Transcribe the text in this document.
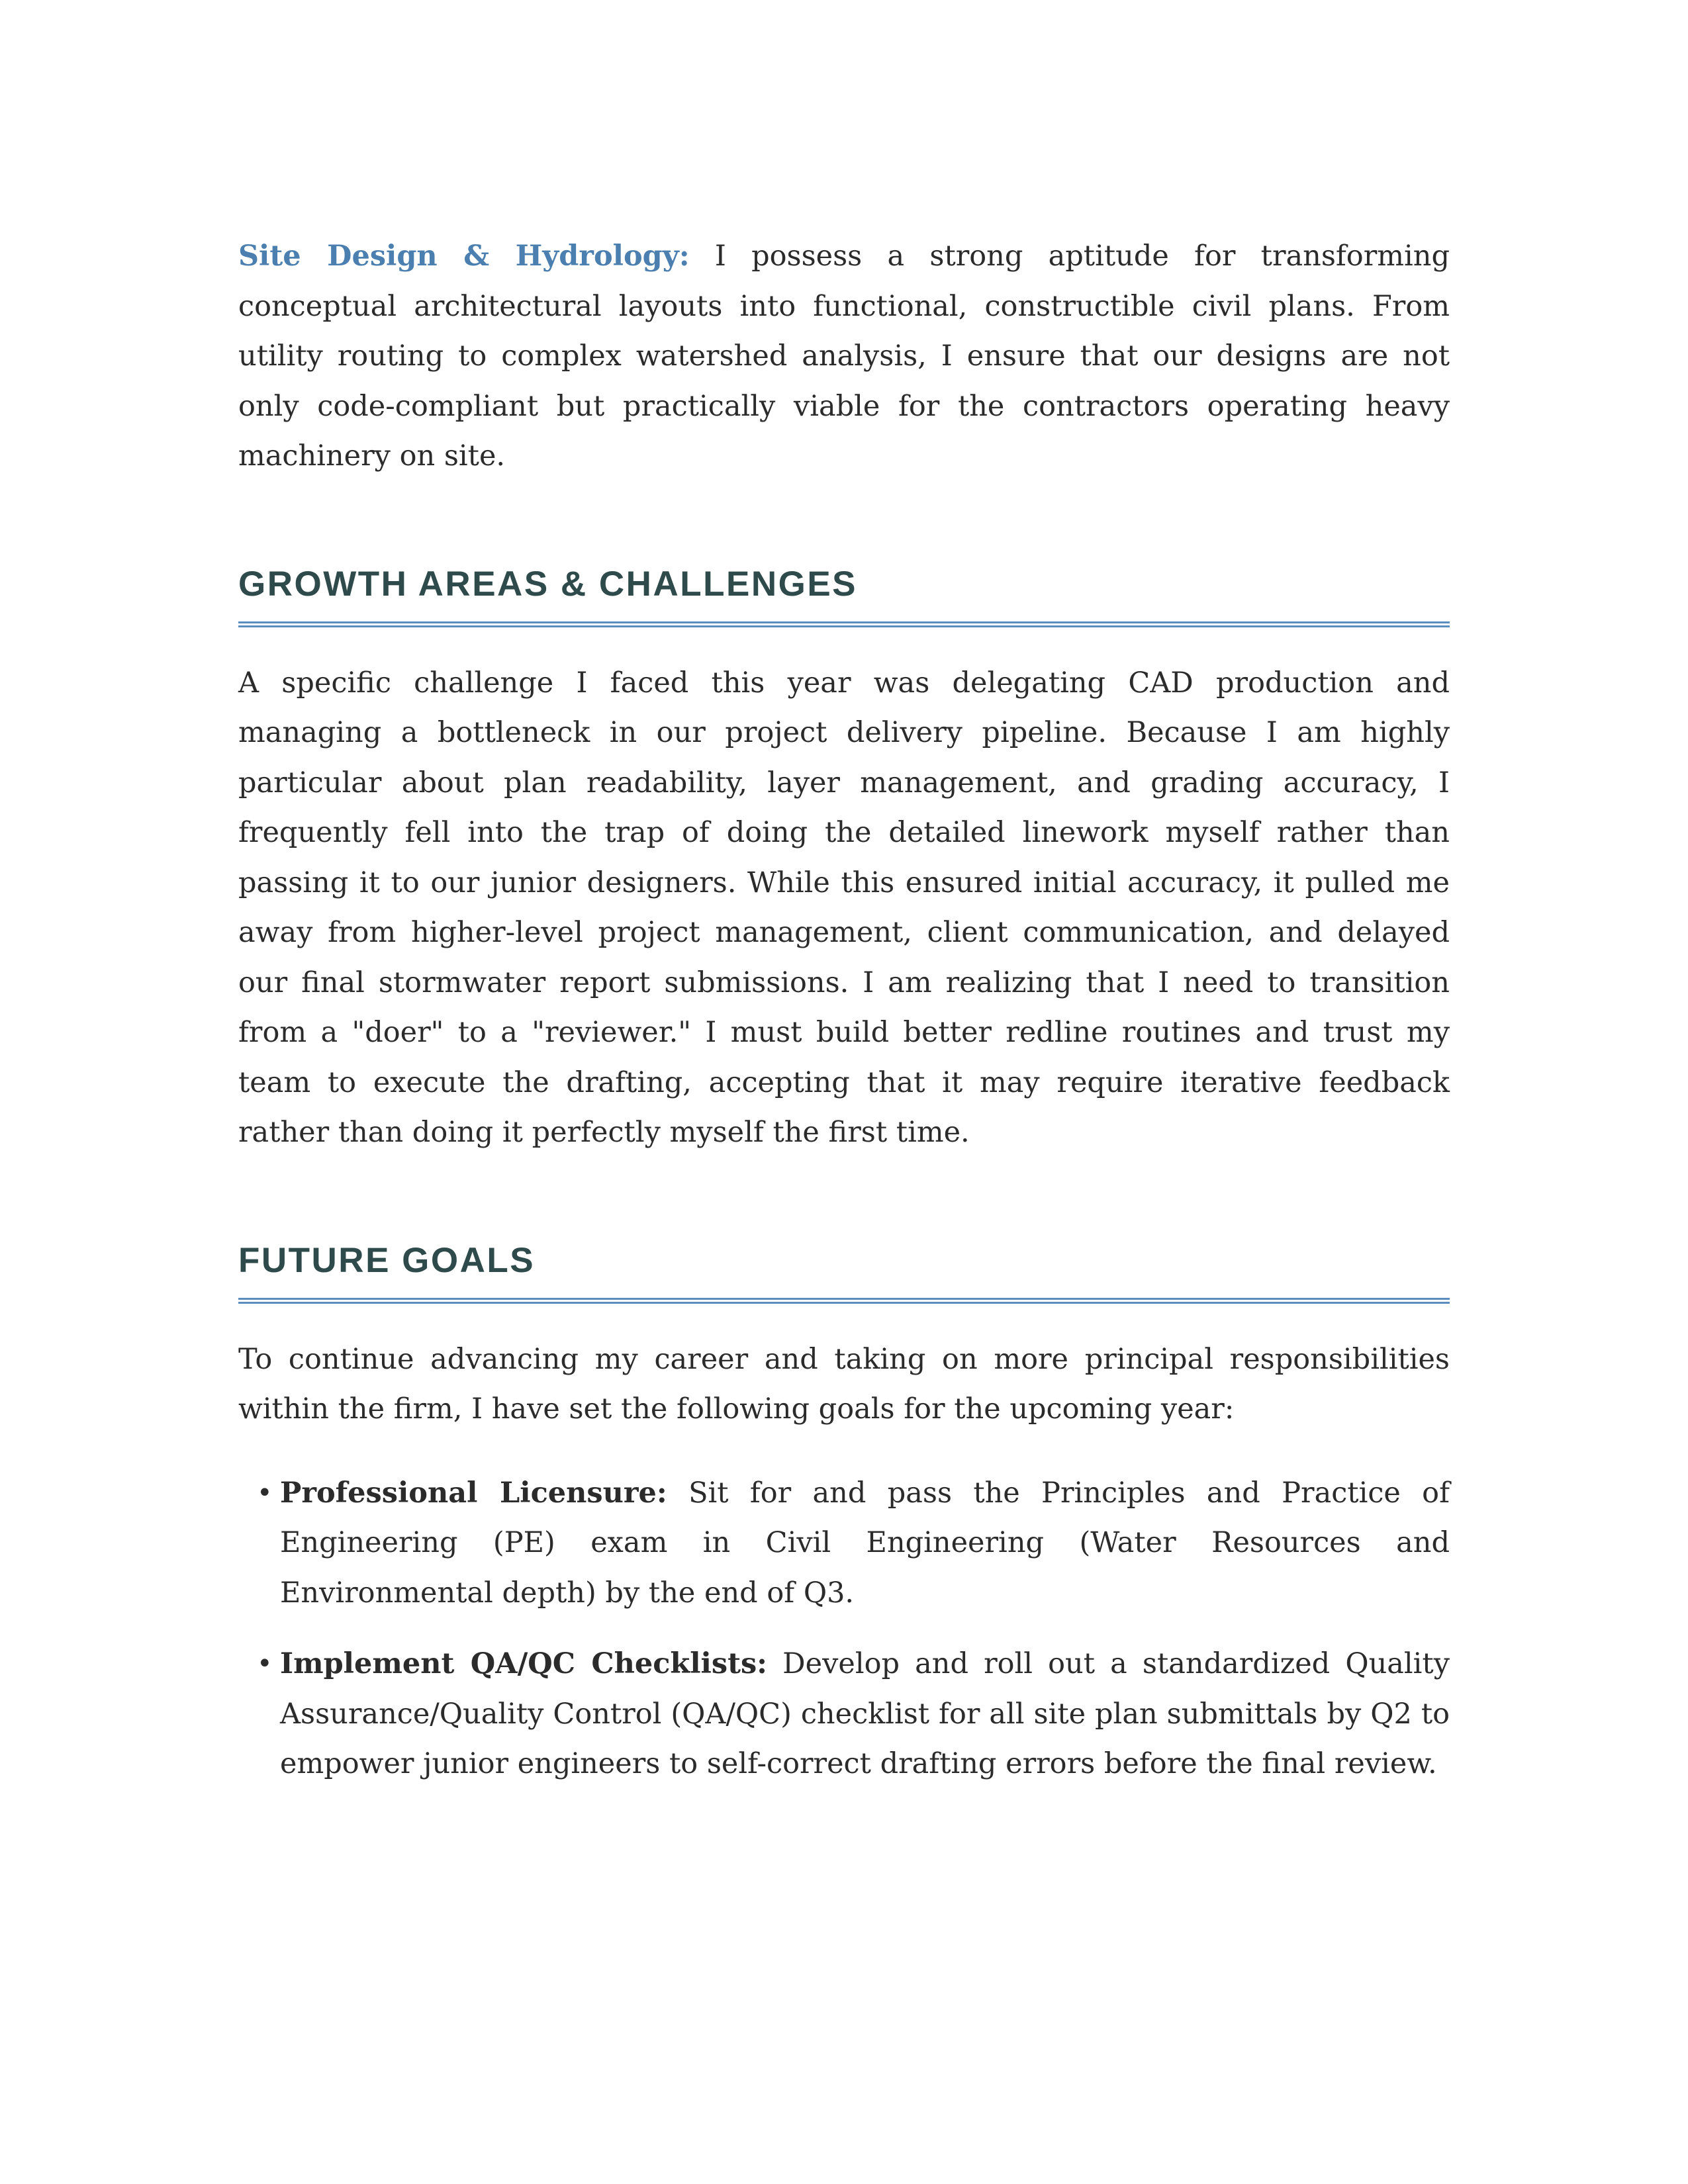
Site Design & Hydrology: I possess a strong aptitude for transforming conceptual architectural layouts into functional, constructible civil plans. From utility routing to complex watershed analysis, I ensure that our designs are not only code-compliant but practically viable for the contractors operating heavy machinery on site.

GROWTH AREAS & CHALLENGES

A specific challenge I faced this year was delegating CAD production and managing a bottleneck in our project delivery pipeline. Because I am highly particular about plan readability, layer management, and grading accuracy, I frequently fell into the trap of doing the detailed linework myself rather than passing it to our junior designers. While this ensured initial accuracy, it pulled me away from higher-level project management, client communication, and delayed our final stormwater report submissions. I am realizing that I need to transition from a "doer" to a "reviewer." I must build better redline routines and trust my team to execute the drafting, accepting that it may require iterative feedback rather than doing it perfectly myself the first time.

FUTURE GOALS

To continue advancing my career and taking on more principal responsibilities within the firm, I have set the following goals for the upcoming year:

• Professional Licensure: Sit for and pass the Principles and Practice of Engineering (PE) exam in Civil Engineering (Water Resources and Environmental depth) by the end of Q3.
• Implement QA/QC Checklists: Develop and roll out a standardized Quality Assurance/Quality Control (QA/QC) checklist for all site plan submittals by Q2 to empower junior engineers to self-correct drafting errors before the final review.
